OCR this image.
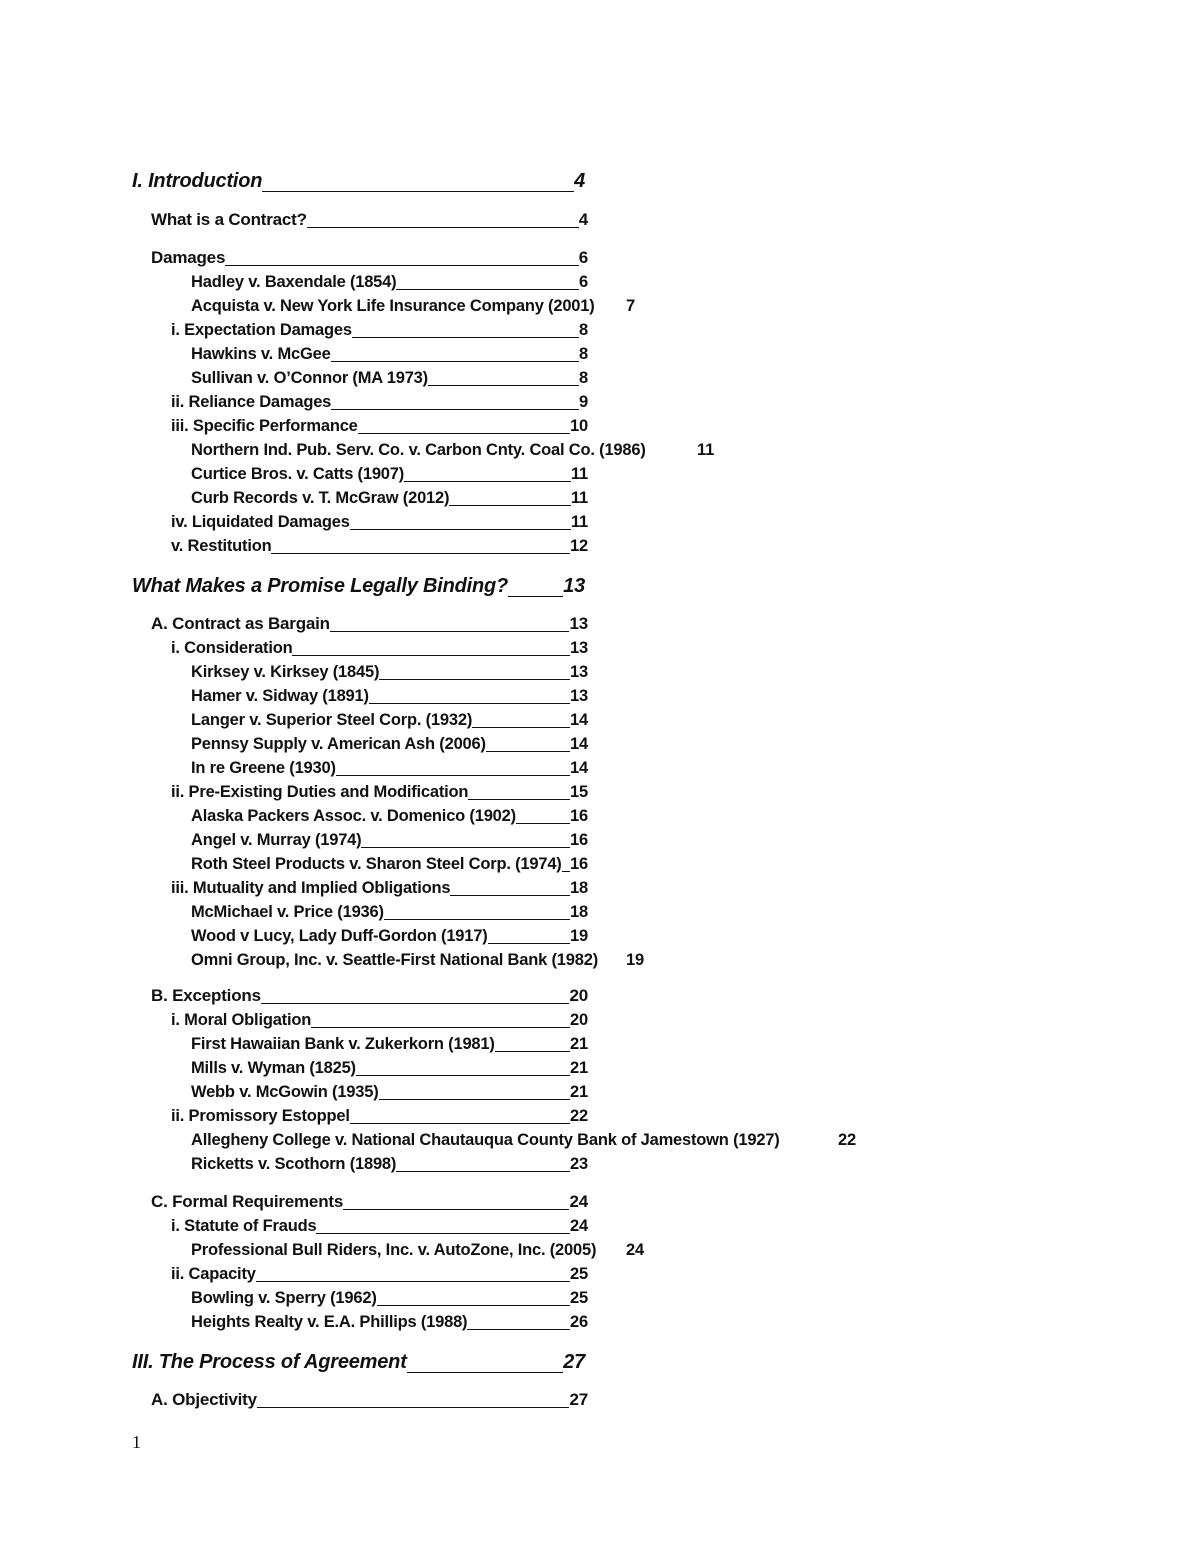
I. Introduction	4
What is a Contract?	4
Damages	6
Hadley v. Baxendale (1854)	6
Acquista v. New York Life Insurance Company (2001) 7
i. Expectation Damages	8
Hawkins v. McGee	8
Sullivan v. O’Connor (MA 1973)	8
ii. Reliance Damages	9
iii. Specific Performance	10
Northern Ind. Pub. Serv. Co. v. Carbon Cnty. Coal Co. (1986)	11
Curtice Bros. v. Catts (1907)	11
Curb Records v. T. McGraw (2012)	11
iv. Liquidated Damages	11
v. Restitution	12
What Makes a Promise Legally Binding?	13
A. Contract as Bargain	13
i. Consideration	13
Kirksey v. Kirksey (1845)	13
Hamer v. Sidway (1891)	13
Langer v. Superior Steel Corp. (1932)	14
Pennsy Supply v. American Ash (2006)	14
In re Greene (1930)	14
ii. Pre-Existing Duties and Modification	15
Alaska Packers Assoc. v. Domenico (1902)	16
Angel v. Murray (1974)	16
Roth Steel Products v. Sharon Steel Corp. (1974) 16
iii. Mutuality and Implied Obligations	18
McMichael v. Price (1936)	18
Wood v Lucy, Lady Duff-Gordon (1917)	19
Omni Group, Inc. v. Seattle-First National Bank (1982) 19
B. Exceptions	20
i. Moral Obligation	20
First Hawaiian Bank v. Zukerkorn (1981)	21
Mills v. Wyman (1825)	21
Webb v. McGowin (1935)	21
ii. Promissory Estoppel	22
Allegheny College v. National Chautauqua County Bank of Jamestown (1927)	22
Ricketts v. Scothorn (1898)	23
C. Formal Requirements	24
i. Statute of Frauds	24
Professional Bull Riders, Inc. v. AutoZone, Inc. (2005) 24
ii. Capacity	25
Bowling v. Sperry (1962)	25
Heights Realty v. E.A. Phillips (1988)	26
III. The Process of Agreement	27
A. Objectivity	27
1
